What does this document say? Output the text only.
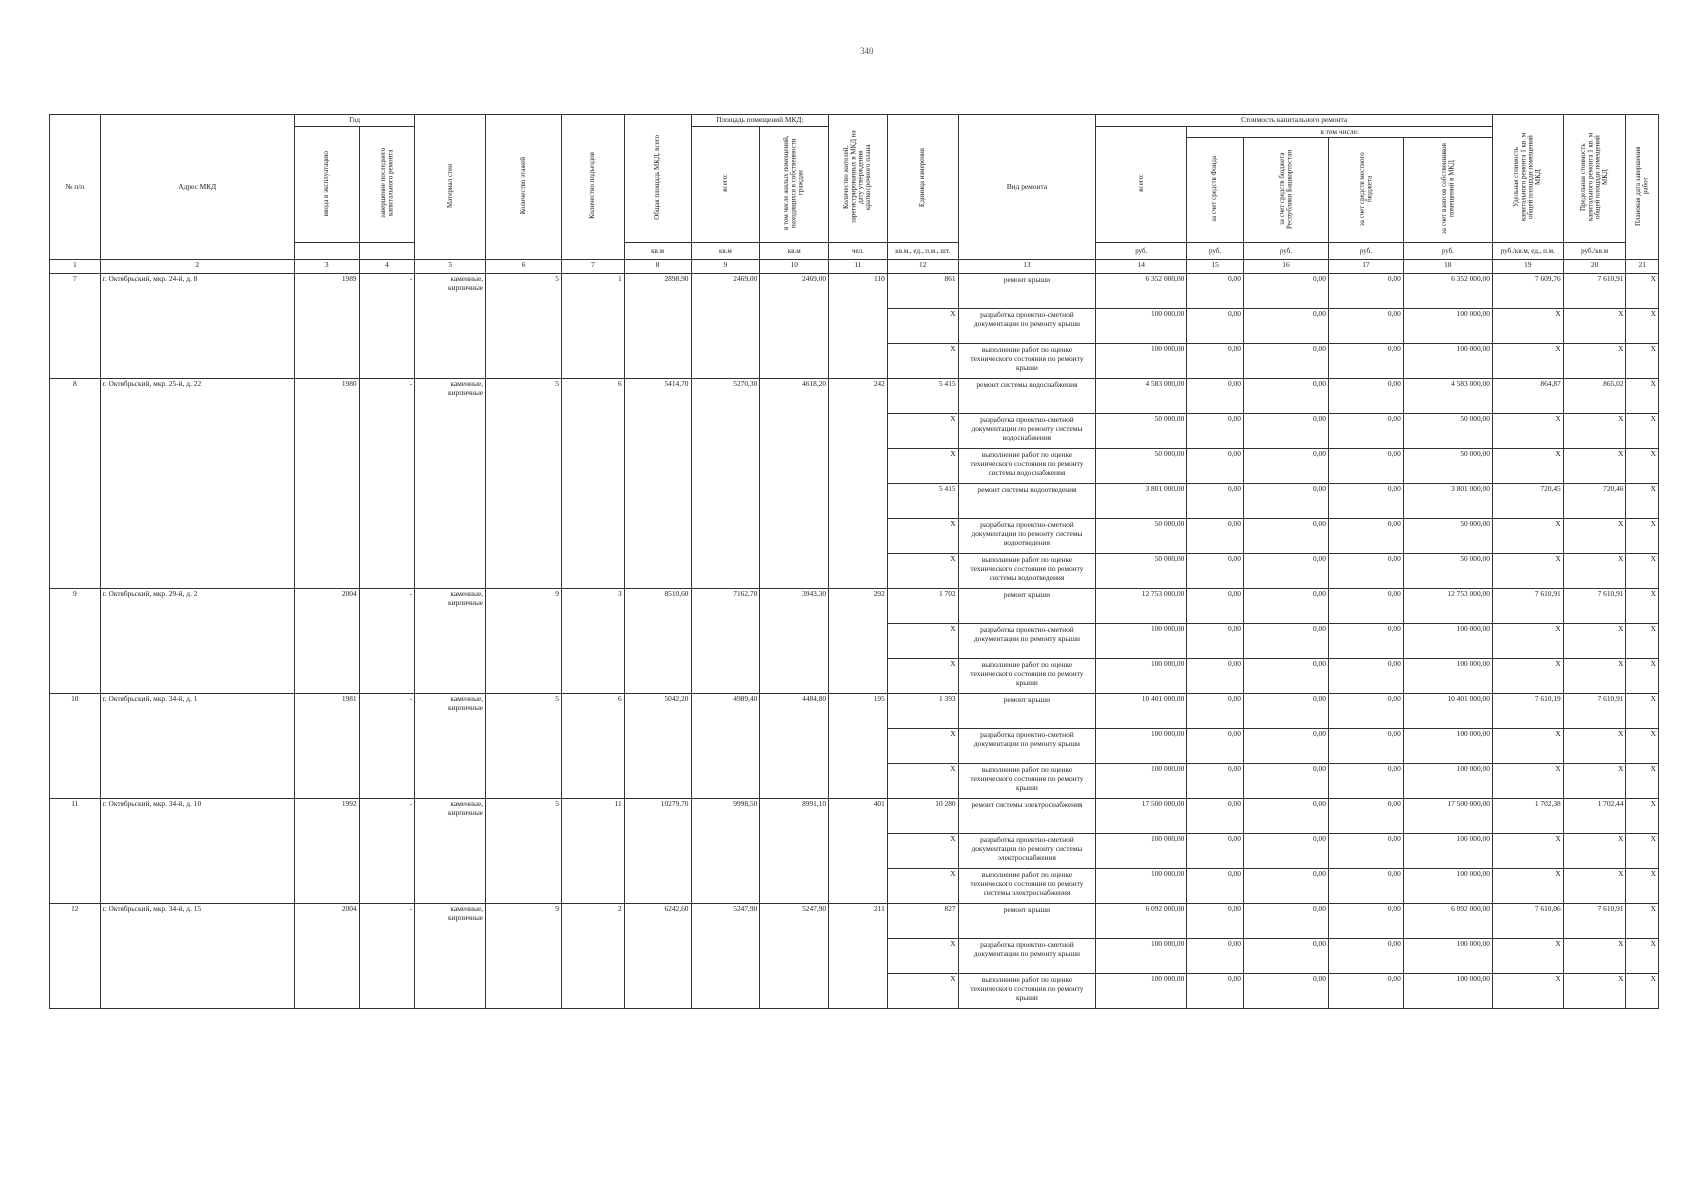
340
№ п/п	Адрес МКД	Год		Материал стен	Количество этажей	Количество подъездов	Общая площадь МКД, всего	Площадь помещений МКД:		Количество жителей, зарегистрированных в МКД на дату утверждения краткосрочного плана	Единица измерения	Вид ремонта	Стоимость капитального ремонта					Удельная стоимость капитального ремонта 1 кв. м общей площади помещений МКД	Предельная стоимость капитального ремонта 1 кв. м общей площади помещений МКД	Плановая дата завершения работ
		ввода в эксплуатацию	завершение последнего капитального ремонта					всего:	в том числе жилых помещений, находящихся в собственности граждан				всего:	в том числе:						
														за счет средств Фонда	за счет средств бюджета Республики Башкортостан	за счет средств местного бюджета	за счет взносов собственников помещений в МКД			
							кв.м	кв.м	кв.м	чел.	кв.м., ед., п.м., шт.		руб.	руб.	руб.	руб.	руб.	руб./кв.м, ед., п.м.	руб./кв.м	
1	2	3	4	5	6	7	8	9	10	11	12	13	14	15	16	17	18	19	20	21
7	г. Октябрьский, мкр. 24-й, д. 8	1989	-	каменные, кирпичные	5	1	2898,90	2469,00	2469,00	110	861	ремонт крыши	6 352 000,00	0,00	0,00	0,00	6 352 000,00	7 609,76	7 610,91	X
											X	разработка проектно-сметной документации по ремонту крыши	100 000,00	0,00	0,00	0,00	100 000,00	X	X	X
											X	выполнение работ по оценке технического состояния по ремонту крыши	100 000,00	0,00	0,00	0,00	100 000,00	X	X	X
8	г. Октябрьский, мкр. 25-й, д. 22	1980	-	каменные, кирпичные	5	6	5414,70	5270,30	4618,20	242	5 415	ремонт системы водоснабжения	4 583 000,00	0,00	0,00	0,00	4 583 000,00	864,87	865,02	X
											X	разработка проектно-сметной документации по ремонту системы водоснабжения	50 000,00	0,00	0,00	0,00	50 000,00	X	X	X
											X	выполнение работ по оценке технического состояния по ремонту системы водоснабжения	50 000,00	0,00	0,00	0,00	50 000,00	X	X	X
											5 415	ремонт системы водоотведения	3 801 000,00	0,00	0,00	0,00	3 801 000,00	720,45	720,46	X
											X	разработка проектно-сметной документации по ремонту системы водоотведения	50 000,00	0,00	0,00	0,00	50 000,00	X	X	X
											X	выполнение работ по оценке технического состояния по ремонту системы водоотведения	50 000,00	0,00	0,00	0,00	50 000,00	X	X	X
9	г. Октябрьский, мкр. 29-й, д. 2	2004	-	каменные, кирпичные	9	3	8510,60	7162,70	3943,30	292	1 702	ремонт крыши	12 753 000,00	0,00	0,00	0,00	12 753 000,00	7 610,91	7 610,91	X
											X	разработка проектно-сметной документации по ремонту крыши	100 000,00	0,00	0,00	0,00	100 000,00	X	X	X
											X	выполнение работ по оценке технического состояния по ремонту крыши	100 000,00	0,00	0,00	0,00	100 000,00	X	X	X
10	г. Октябрьский, мкр. 34-й, д. 1	1981	-	каменные, кирпичные	5	6	5042,20	4989,40	4484,80	195	1 393	ремонт крыши	10 401 000,00	0,00	0,00	0,00	10 401 000,00	7 610,19	7 610,91	X
											X	разработка проектно-сметной документации по ремонту крыши	100 000,00	0,00	0,00	0,00	100 000,00	X	X	X
											X	выполнение работ по оценке технического состояния по ремонту крыши	100 000,00	0,00	0,00	0,00	100 000,00	X	X	X
11	г. Октябрьский, мкр. 34-й, д. 10	1992	-	каменные, кирпичные	5	11	10279,70	9998,50	8991,10	401	10 280	ремонт системы электроснабжения	17 500 000,00	0,00	0,00	0,00	17 500 000,00	1 702,38	1 702,44	X
											X	разработка проектно-сметной документации по ремонту системы электроснабжения	100 000,00	0,00	0,00	0,00	100 000,00	X	X	X
											X	выполнение работ по оценке технического состояния по ремонту системы электроснабжения	100 000,00	0,00	0,00	0,00	100 000,00	X	X	X
12	г. Октябрьский, мкр. 34-й, д. 15	2004	-	каменные, кирпичные	9	2	6242,60	5247,90	5247,90	211	827	ремонт крыши	6 092 000,00	0,00	0,00	0,00	6 092 000,00	7 610,06	7 610,91	X
											X	разработка проектно-сметной документации по ремонту крыши	100 000,00	0,00	0,00	0,00	100 000,00	X	X	X
											X	выполнение работ по оценке технического состояния по ремонту крыши	100 000,00	0,00	0,00	0,00	100 000,00	X	X	X
